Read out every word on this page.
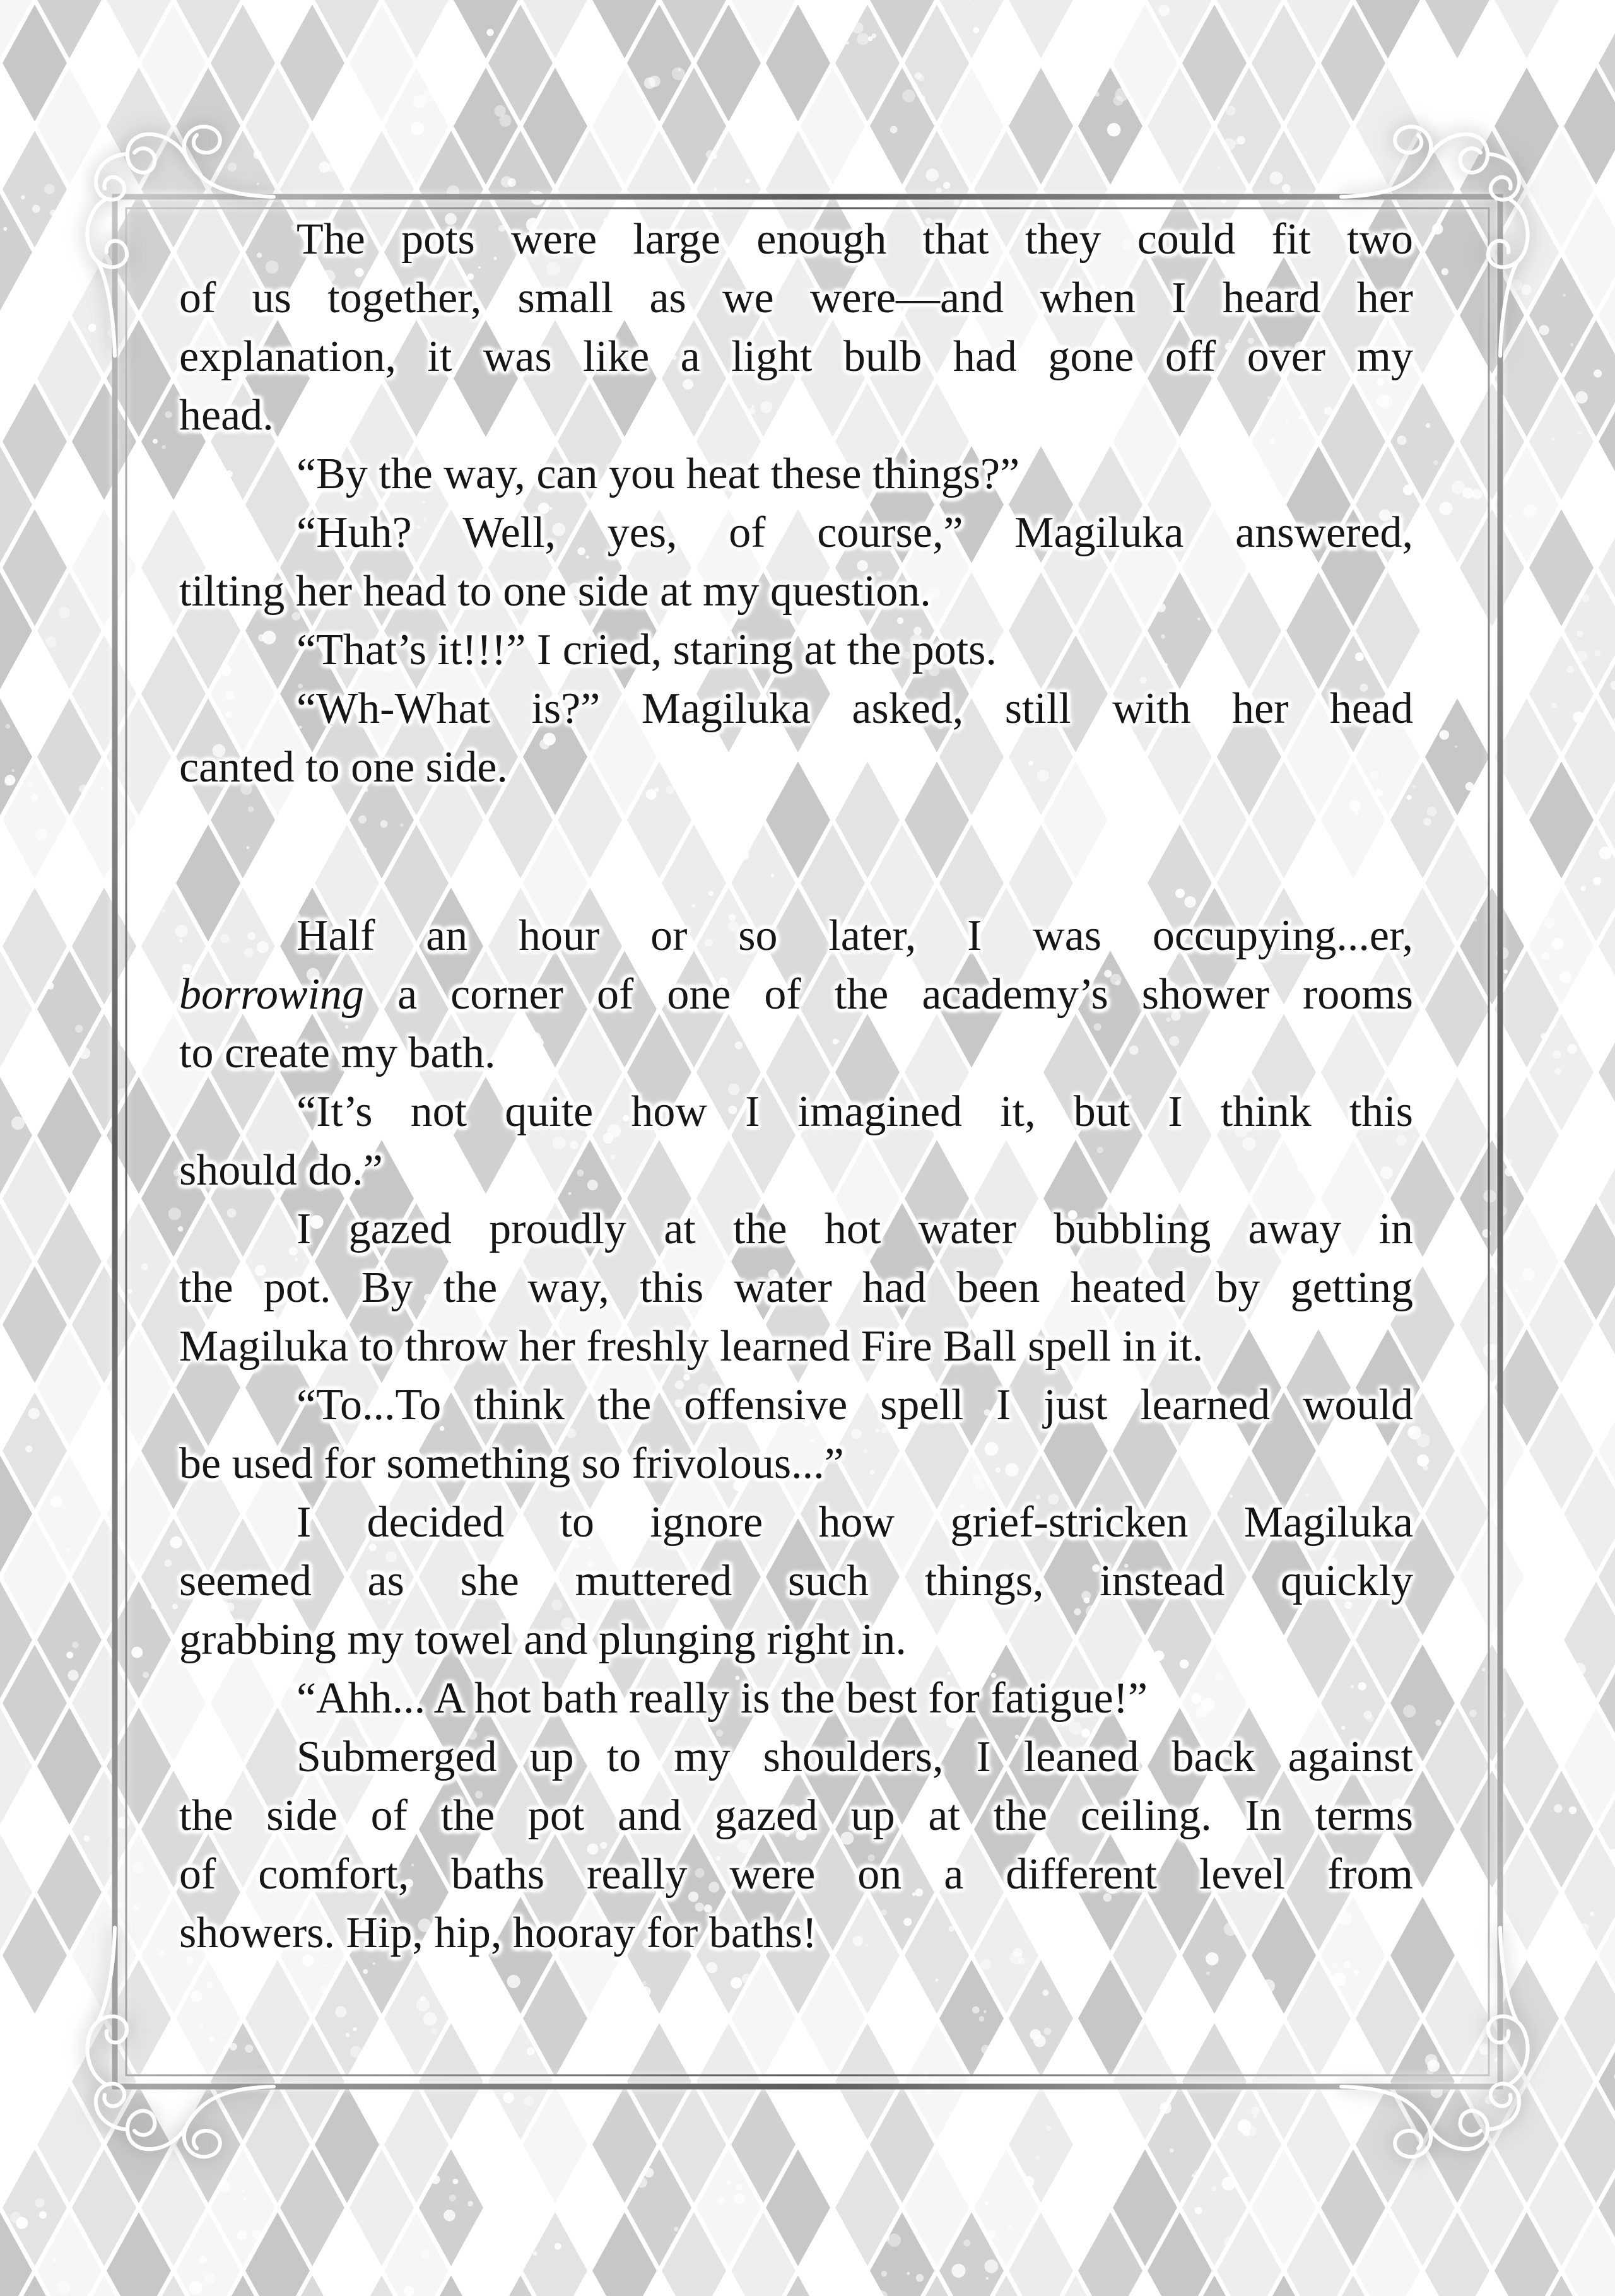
The pots were large enough that they could fit two
of us together, small as we were—and when I heard her
explanation, it was like a light bulb had gone off over my
head.
“By the way, can you heat these things?”
“Huh? Well, yes, of course,” Magiluka answered,
tilting her head to one side at my question.
“That’s it!!!” I cried, staring at the pots.
“Wh-What is?” Magiluka asked, still with her head
canted to one side.
Half an hour or so later, I was occupying...er,
borrowing a corner of one of the academy’s shower rooms
to create my bath.
“It’s not quite how I imagined it, but I think this
should do.”
I gazed proudly at the hot water bubbling away in
the pot. By the way, this water had been heated by getting
Magiluka to throw her freshly learned Fire Ball spell in it.
“To...To think the offensive spell I just learned would
be used for something so frivolous...”
I decided to ignore how grief-stricken Magiluka
seemed as she muttered such things, instead quickly
grabbing my towel and plunging right in.
“Ahh... A hot bath really is the best for fatigue!”
Submerged up to my shoulders, I leaned back against
the side of the pot and gazed up at the ceiling. In terms
of comfort, baths really were on a different level from
showers. Hip, hip, hooray for baths!
